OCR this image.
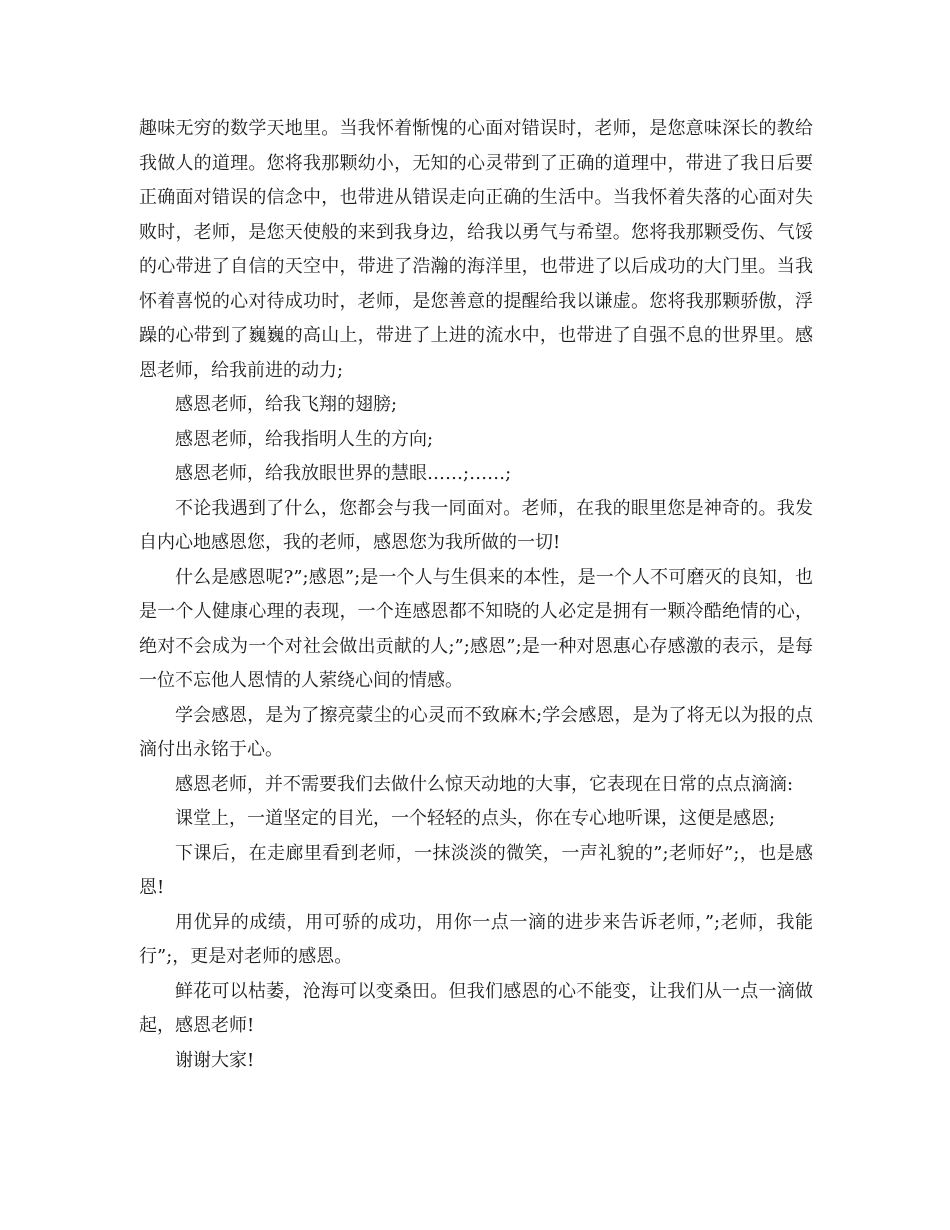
趣味无穷的数学天地里。当我怀着惭愧的心面对错误时，老师，是您意味深长的教给我做人的道理。您将我那颗幼小，无知的心灵带到了正确的道理中，带进了我日后要正确面对错误的信念中，也带进从错误走向正确的生活中。当我怀着失落的心面对失败时，老师，是您天使般的来到我身边，给我以勇气与希望。您将我那颗受伤、气馁的心带进了自信的天空中，带进了浩瀚的海洋里，也带进了以后成功的大门里。当我怀着喜悦的心对待成功时，老师，是您善意的提醒给我以谦虚。您将我那颗骄傲，浮躁的心带到了巍巍的高山上，带进了上进的流水中，也带进了自强不息的世界里。感恩老师，给我前进的动力;

感恩老师，给我飞翔的翅膀;

感恩老师，给我指明人生的方向;

感恩老师，给我放眼世界的慧眼……;……;

不论我遇到了什么，您都会与我一同面对。老师，在我的眼里您是神奇的。我发自内心地感恩您，我的老师，感恩您为我所做的一切!

什么是感恩呢?”;感恩”;是一个人与生俱来的本性，是一个人不可磨灭的良知，也是一个人健康心理的表现，一个连感恩都不知晓的人必定是拥有一颗冷酷绝情的心，绝对不会成为一个对社会做出贡献的人;”;感恩”;是一种对恩惠心存感激的表示，是每一位不忘他人恩情的人萦绕心间的情感。

学会感恩，是为了擦亮蒙尘的心灵而不致麻木;学会感恩，是为了将无以为报的点滴付出永铭于心。

感恩老师，并不需要我们去做什么惊天动地的大事，它表现在日常的点点滴滴:

课堂上，一道坚定的目光，一个轻轻的点头，你在专心地听课，这便是感恩;

下课后，在走廊里看到老师，一抹淡淡的微笑，一声礼貌的”;老师好”;，也是感恩!

用优异的成绩，用可骄的成功，用你一点一滴的进步来告诉老师，”;老师，我能行”;，更是对老师的感恩。

鲜花可以枯萎，沧海可以变桑田。但我们感恩的心不能变，让我们从一点一滴做起，感恩老师!

谢谢大家!
